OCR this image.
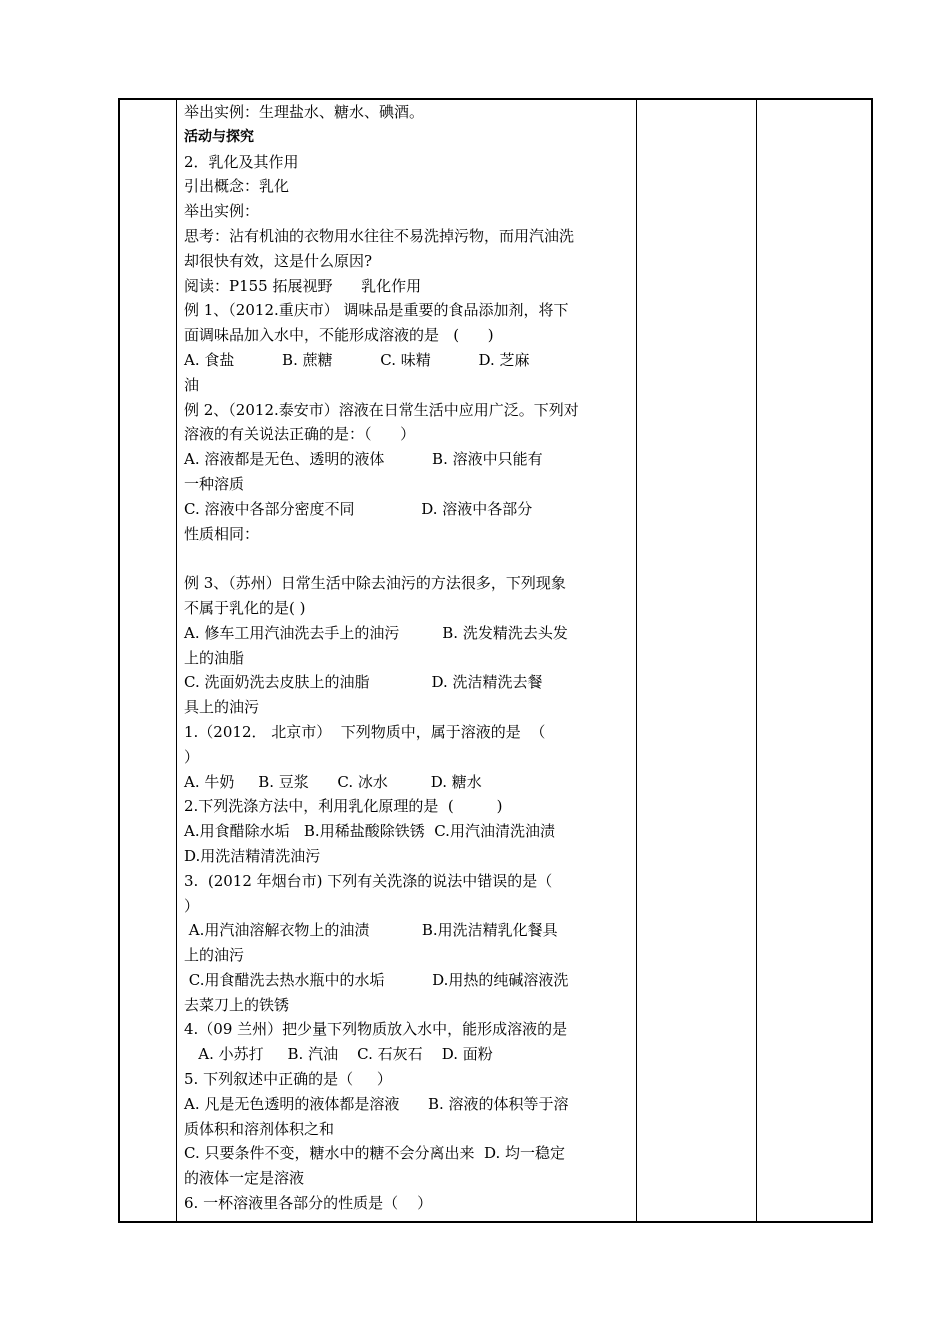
举出实例：生理盐水、糖水、碘酒。
活动与探究
2．乳化及其作用
引出概念：乳化
举出实例：
思考：沾有机油的衣物用水往往不易洗掉污物，而用汽油洗
却很快有效，这是什么原因?
阅读：P155 拓展视野      乳化作用
例 1、（2012.重庆市） 调味品是重要的食品添加剂，将下
面调味品加入水中，不能形成溶液的是   (      )
A. 食盐          B. 蔗糖          C. 味精          D. 芝麻
油
例 2、（2012.泰安市）溶液在日常生活中应用广泛。下列对
溶液的有关说法正确的是：（      ）
A. 溶液都是无色、透明的液体          B. 溶液中只能有
一种溶质
C. 溶液中各部分密度不同              D. 溶液中各部分
性质相同：
例 3、（苏州）日常生活中除去油污的方法很多，下列现象
不属于乳化的是( )
A. 修车工用汽油洗去手上的油污         B. 洗发精洗去头发
上的油脂
C. 洗面奶洗去皮肤上的油脂             D. 洗洁精洗去餐
具上的油污
1.（2012． 北京市）  下列物质中，属于溶液的是  （
）
A. 牛奶     B. 豆浆      C. 冰水         D. 糖水
2.下列洗涤方法中，利用乳化原理的是  (         )
A.用食醋除水垢   B.用稀盐酸除铁锈  C.用汽油清洗油渍
D.用洗洁精清洗油污
3.  (2012 年烟台市) 下列有关洗涤的说法中错误的是（
）
A.用汽油溶解衣物上的油渍           B.用洗洁精乳化餐具
上的油污
C.用食醋洗去热水瓶中的水垢          D.用热的纯碱溶液洗
去菜刀上的铁锈
4.（09 兰州）把少量下列物质放入水中，能形成溶液的是
A. 小苏打     B. 汽油    C. 石灰石    D. 面粉
5. 下列叙述中正确的是（     ）
A. 凡是无色透明的液体都是溶液      B. 溶液的体积等于溶
质体积和溶剂体积之和
C. 只要条件不变，糖水中的糖不会分离出来  D. 均一稳定
的液体一定是溶液
6. 一杯溶液里各部分的性质是（    ）
